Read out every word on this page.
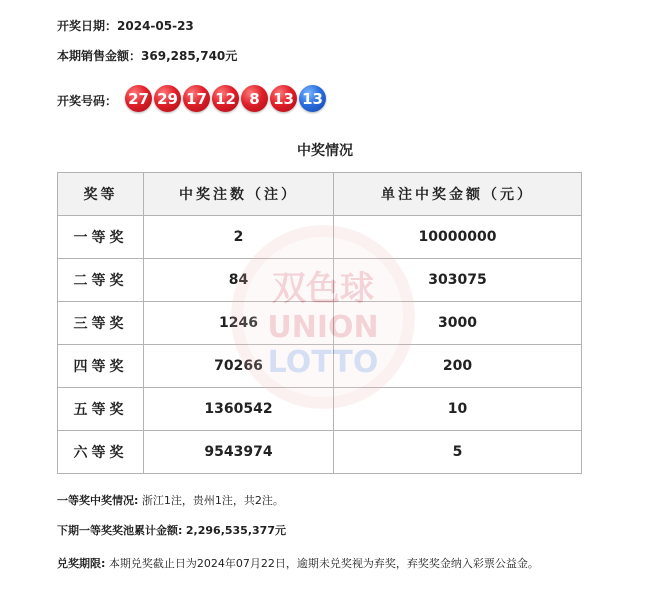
开奖日期：2024-05-23
本期销售金额：369,285,740元
开奖号码： 27 29 17 12 8 13 13
中奖情况
奖等	中奖注数（注）	单注中奖金额（元）
一等奖	2	10000000
二等奖	84	303075
三等奖	1246	3000
四等奖	70266	200
五等奖	1360542	10
六等奖	9543974	5
双色球
UNION
LOTTO
一等奖中奖情况: 浙江1注，贵州1注，共2注。
下期一等奖奖池累计金额: 2,296,535,377元
兑奖期限: 本期兑奖截止日为2024年07月22日，逾期未兑奖视为弃奖，弃奖奖金纳入彩票公益金。
